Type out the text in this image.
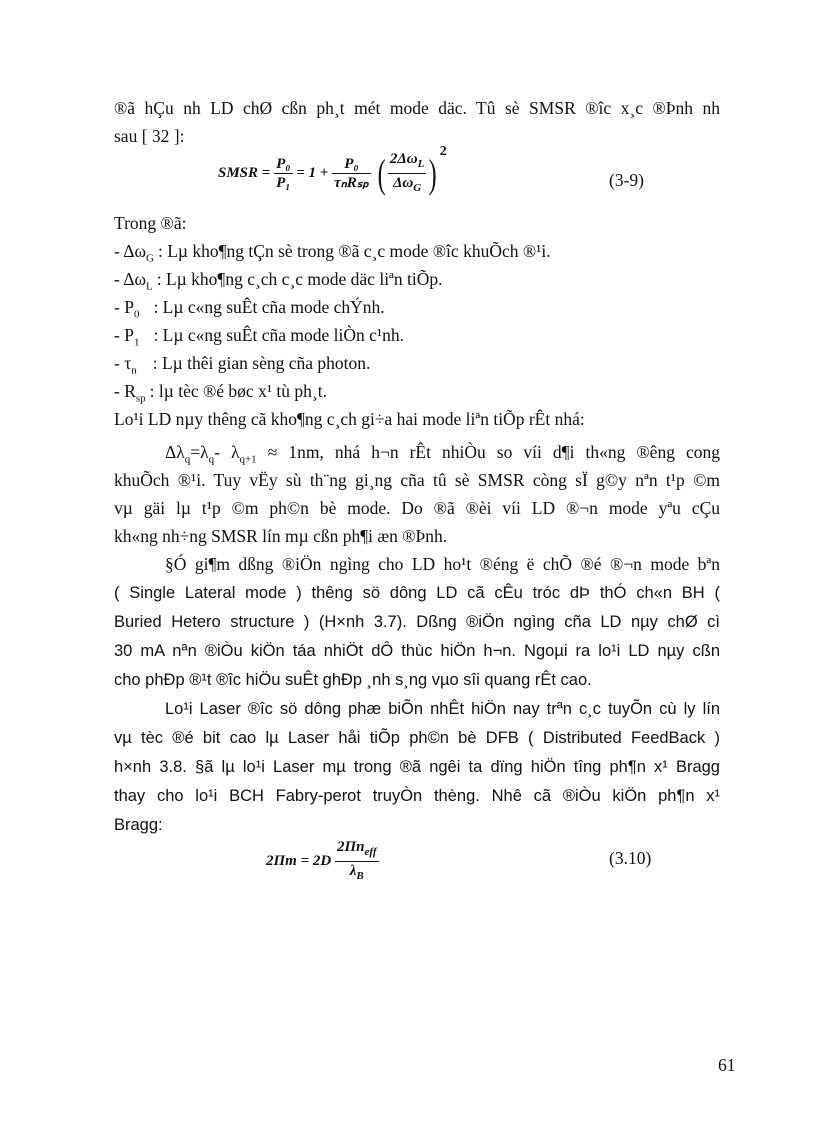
®ã hÇu nh LD chØ cßn ph¸t mét mode däc. Tû sè SMSR ®îc x¸c ®Þnh nh
sau [ 32 ]:
SMSR = $\frac{\text{P₀}}{\text{P₁}} = 1 + \frac{\text{P₀}}{\text{τₙRₛₚ}}$ ( $\frac{2\Delta\omega_L}{\Delta\omega_G}$ ) 2
(3-9)
Trong ®ã:
- $\Delta\omega_G$ : Lµ kho¶ng tÇn sè trong ®ã c¸c mode ®îc khuÕch ®¹i.
- $\Delta\omega_L$ : Lµ kho¶ng c¸ch c¸c mode däc liªn tiÕp.
- $P_0$ : Lµ c«ng suÊt cña mode chÝnh.
- $P_1$ : Lµ c«ng suÊt cña mode liÒn c¹nh.
- $\tau_n$ : Lµ thêi gian sèng cña photon.
- $R_{sp}$ : lµ tèc ®é bøc x¹ tù ph¸t.
Lo¹i LD nµy thêng cã kho¶ng c¸ch gi÷a hai mode liªn tiÕp rÊt nhá:
$\Delta\lambda_q=\lambda_q-$ $\lambda_{q+1} \approx 1nm$, nhá h¬n rÊt nhiÒu so víi d¶i th«ng ®êng cong
khuÕch ®¹i. Tuy vËy sù th¨ng gi¸ng cña tû sè SMSR còng sÏ g©y nªn t¹p ©m
vµ gäi lµ t¹p ©m ph©n bè mode. Do ®ã ®èi víi LD ®¬n mode yªu cÇu
kh«ng nh÷ng SMSR lín mµ cßn ph¶i æn ®Þnh.
§Ó gi¶m dßng ®iÖn ngìng cho LD ho¹t ®éng ë chÕ ®é ®¬n mode bªn
( Single Lateral mode ) thêng sö dông LD cã cÊu tróc dÞ thÓ ch«n BH (
Buried Hetero structure ) (H×nh 3.7). Dßng ®iÖn ngìng cña LD nµy chØ cì
30 mA nªn ®iÒu kiÖn táa nhiÖt dÔ thùc hiÖn h¬n. Ngoµi ra lo¹i LD nµy cßn
cho phÐp ®¹t ®îc hiÖu suÊt ghÐp ¸nh s¸ng vµo sîi quang rÊt cao.
Lo¹i Laser ®îc sö dông phæ biÕn nhÊt hiÖn nay trªn c¸c tuyÕn cù ly lín
vµ tèc ®é bit cao lµ Laser håi tiÕp ph©n bè DFB ( Distributed FeedBack )
h×nh 3.8. §ã lµ lo¹i Laser mµ trong ®ã ngêi ta dïng hiÖn tîng ph¶n x¹ Bragg
thay cho lo¹i BCH Fabry-perot truyÒn thèng. Nhê cã ®iÒu kiÖn ph¶n x¹
Bragg:
$2\Pi m = 2D \frac{2\Pi n_{eff}}{\lambda_B}$	(3.10)
61
